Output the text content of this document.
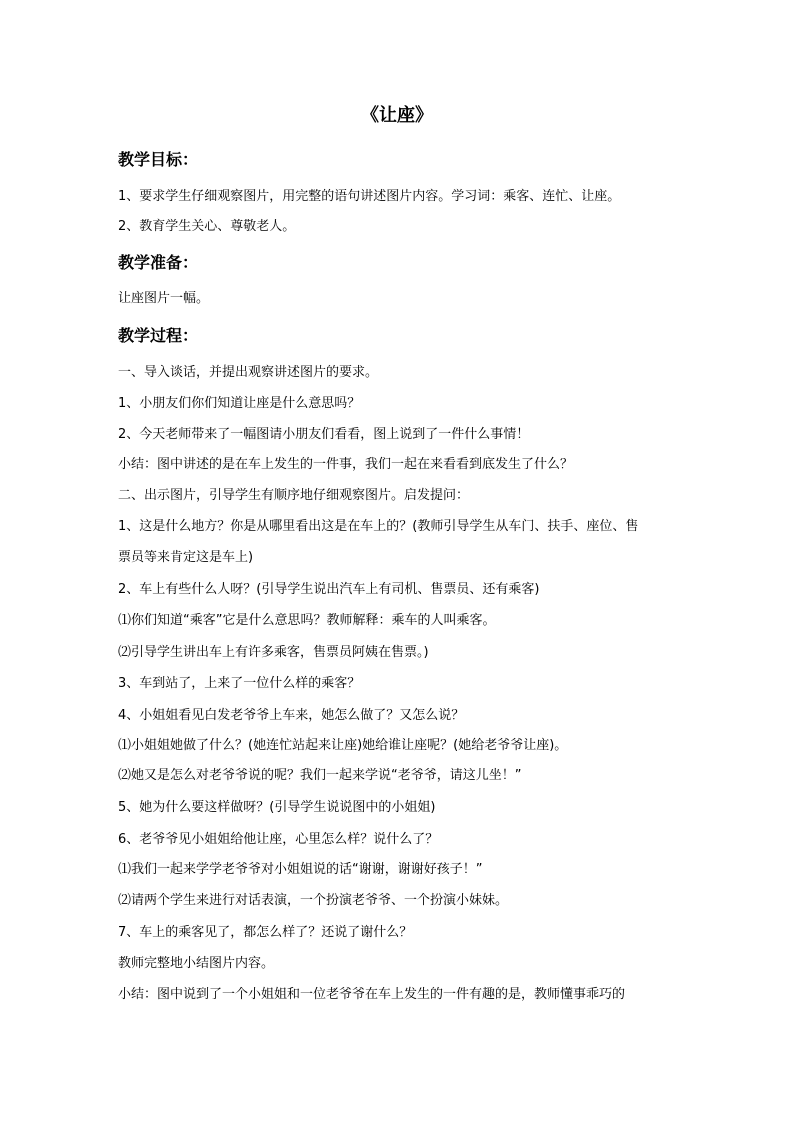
《让座》
教学目标：
1、要求学生仔细观察图片，用完整的语句讲述图片内容。学习词：乘客、连忙、让座。
2、教育学生关心、尊敬老人。
教学准备：
让座图片一幅。
教学过程：
一、导入谈话，并提出观察讲述图片的要求。
1、小朋友们你们知道让座是什么意思吗？
2、今天老师带来了一幅图请小朋友们看看，图上说到了一件什么事情！
小结：图中讲述的是在车上发生的一件事，我们一起在来看看到底发生了什么？
二、出示图片，引导学生有顺序地仔细观察图片。启发提问：
1、这是什么地方？你是从哪里看出这是在车上的？(教师引导学生从车门、扶手、座位、售
票员等来肯定这是车上)
2、车上有些什么人呀？(引导学生说出汽车上有司机、售票员、还有乘客)
⑴你们知道“乘客”它是什么意思吗？教师解释：乘车的人叫乘客。
⑵引导学生讲出车上有许多乘客，售票员阿姨在售票。)
3、车到站了，上来了一位什么样的乘客？
4、小姐姐看见白发老爷爷上车来，她怎么做了？又怎么说？
⑴小姐姐她做了什么？(她连忙站起来让座)她给谁让座呢？(她给老爷爷让座)。
⑵她又是怎么对老爷爷说的呢？我们一起来学说“老爷爷，请这儿坐！”
5、她为什么要这样做呀？(引导学生说说图中的小姐姐)
6、老爷爷见小姐姐给他让座，心里怎么样？说什么了？
⑴我们一起来学学老爷爷对小姐姐说的话“谢谢，谢谢好孩子！”
⑵请两个学生来进行对话表演，一个扮演老爷爷、一个扮演小妹妹。
7、车上的乘客见了，都怎么样了？还说了谢什么？
教师完整地小结图片内容。
小结：图中说到了一个小姐姐和一位老爷爷在车上发生的一件有趣的是，教师懂事乖巧的
